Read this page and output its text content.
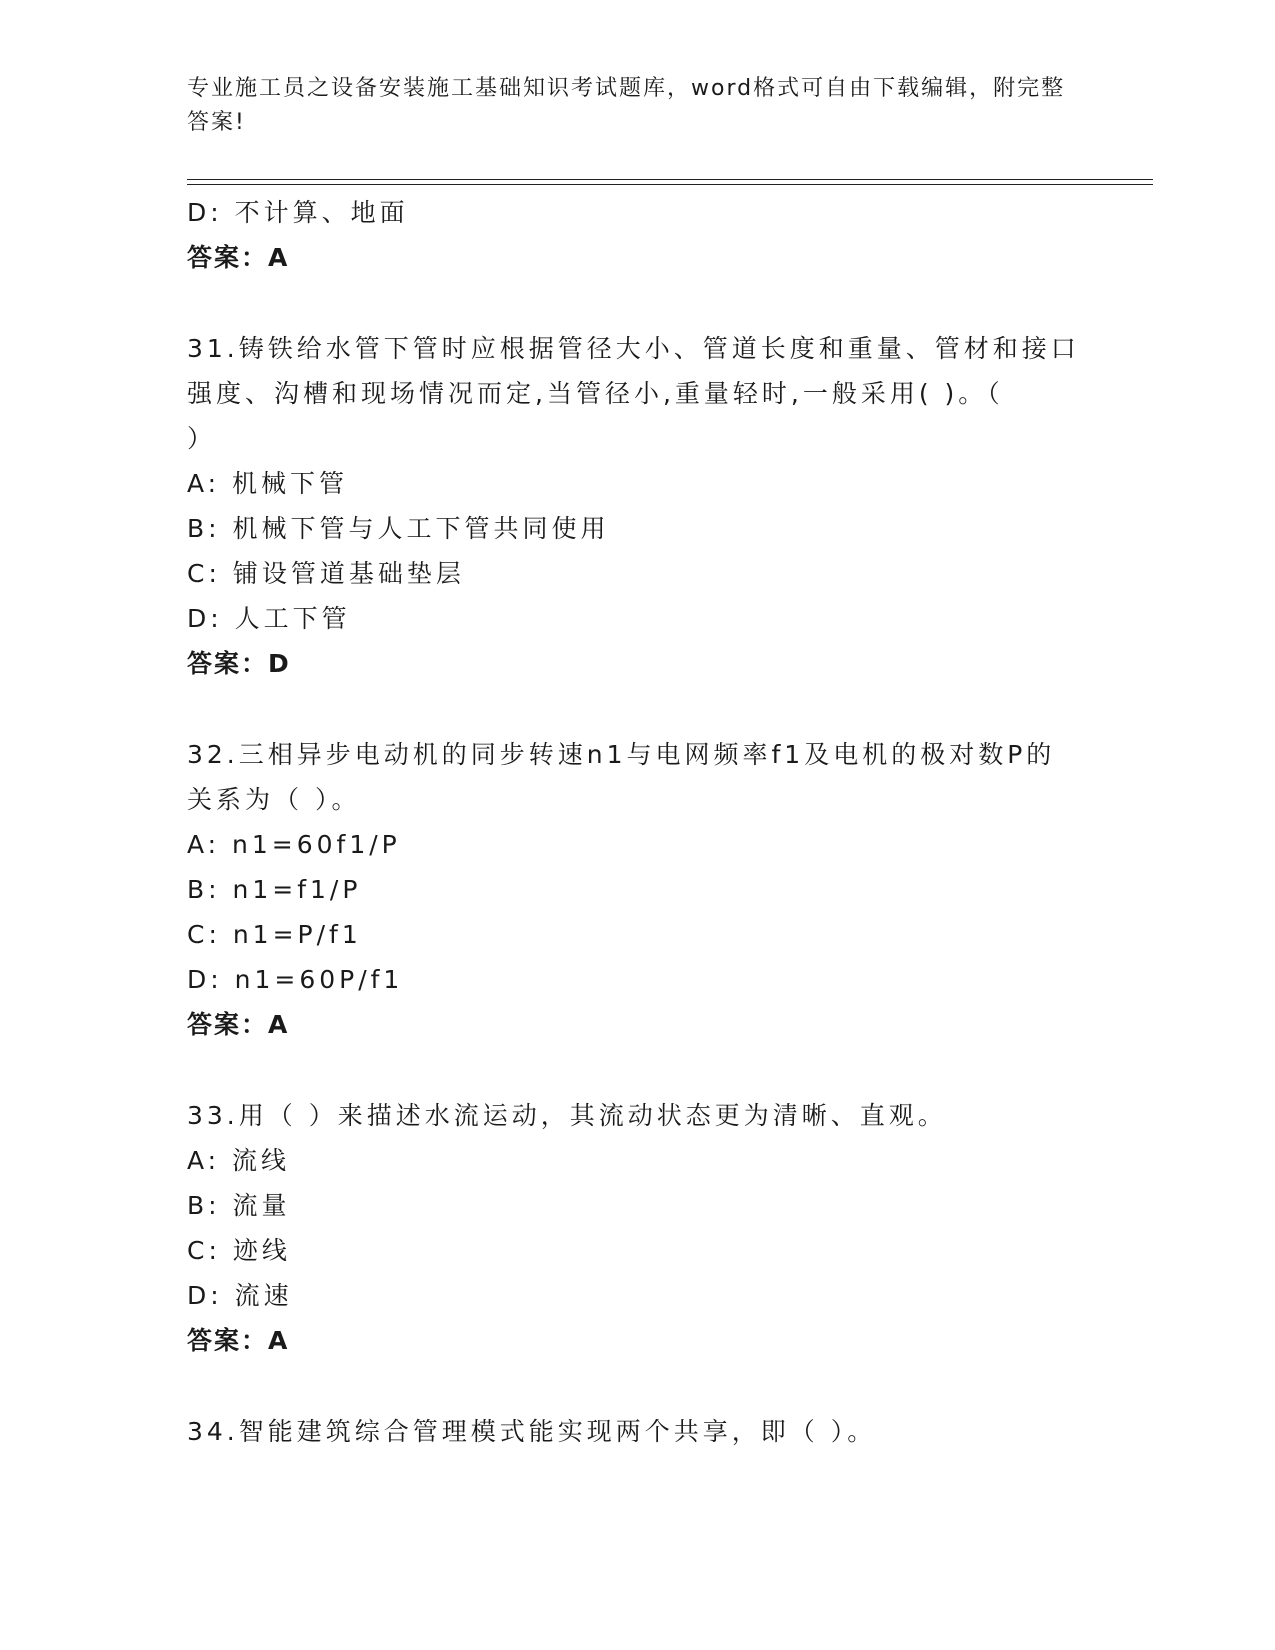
专业施工员之设备安装施工基础知识考试题库，word格式可自由下载编辑，附完整答案!
D: 不计算、地面
答案：A
31.铸铁给水管下管时应根据管径大小、管道长度和重量、管材和接口
强度、沟槽和现场情况而定,当管径小,重量轻时,一般采用( )。（
）
A: 机械下管
B: 机械下管与人工下管共同使用
C: 铺设管道基础垫层
D: 人工下管
答案：D
32.三相异步电动机的同步转速n1与电网频率f1及电机的极对数P的
关系为（ ）。
A: n1=60f1/P
B: n1=f1/P
C: n1=P/f1
D: n1=60P/f1
答案：A
33.用（ ）来描述水流运动，其流动状态更为清晰、直观。
A: 流线
B: 流量
C: 迹线
D: 流速
答案：A
34.智能建筑综合管理模式能实现两个共享，即（ ）。
